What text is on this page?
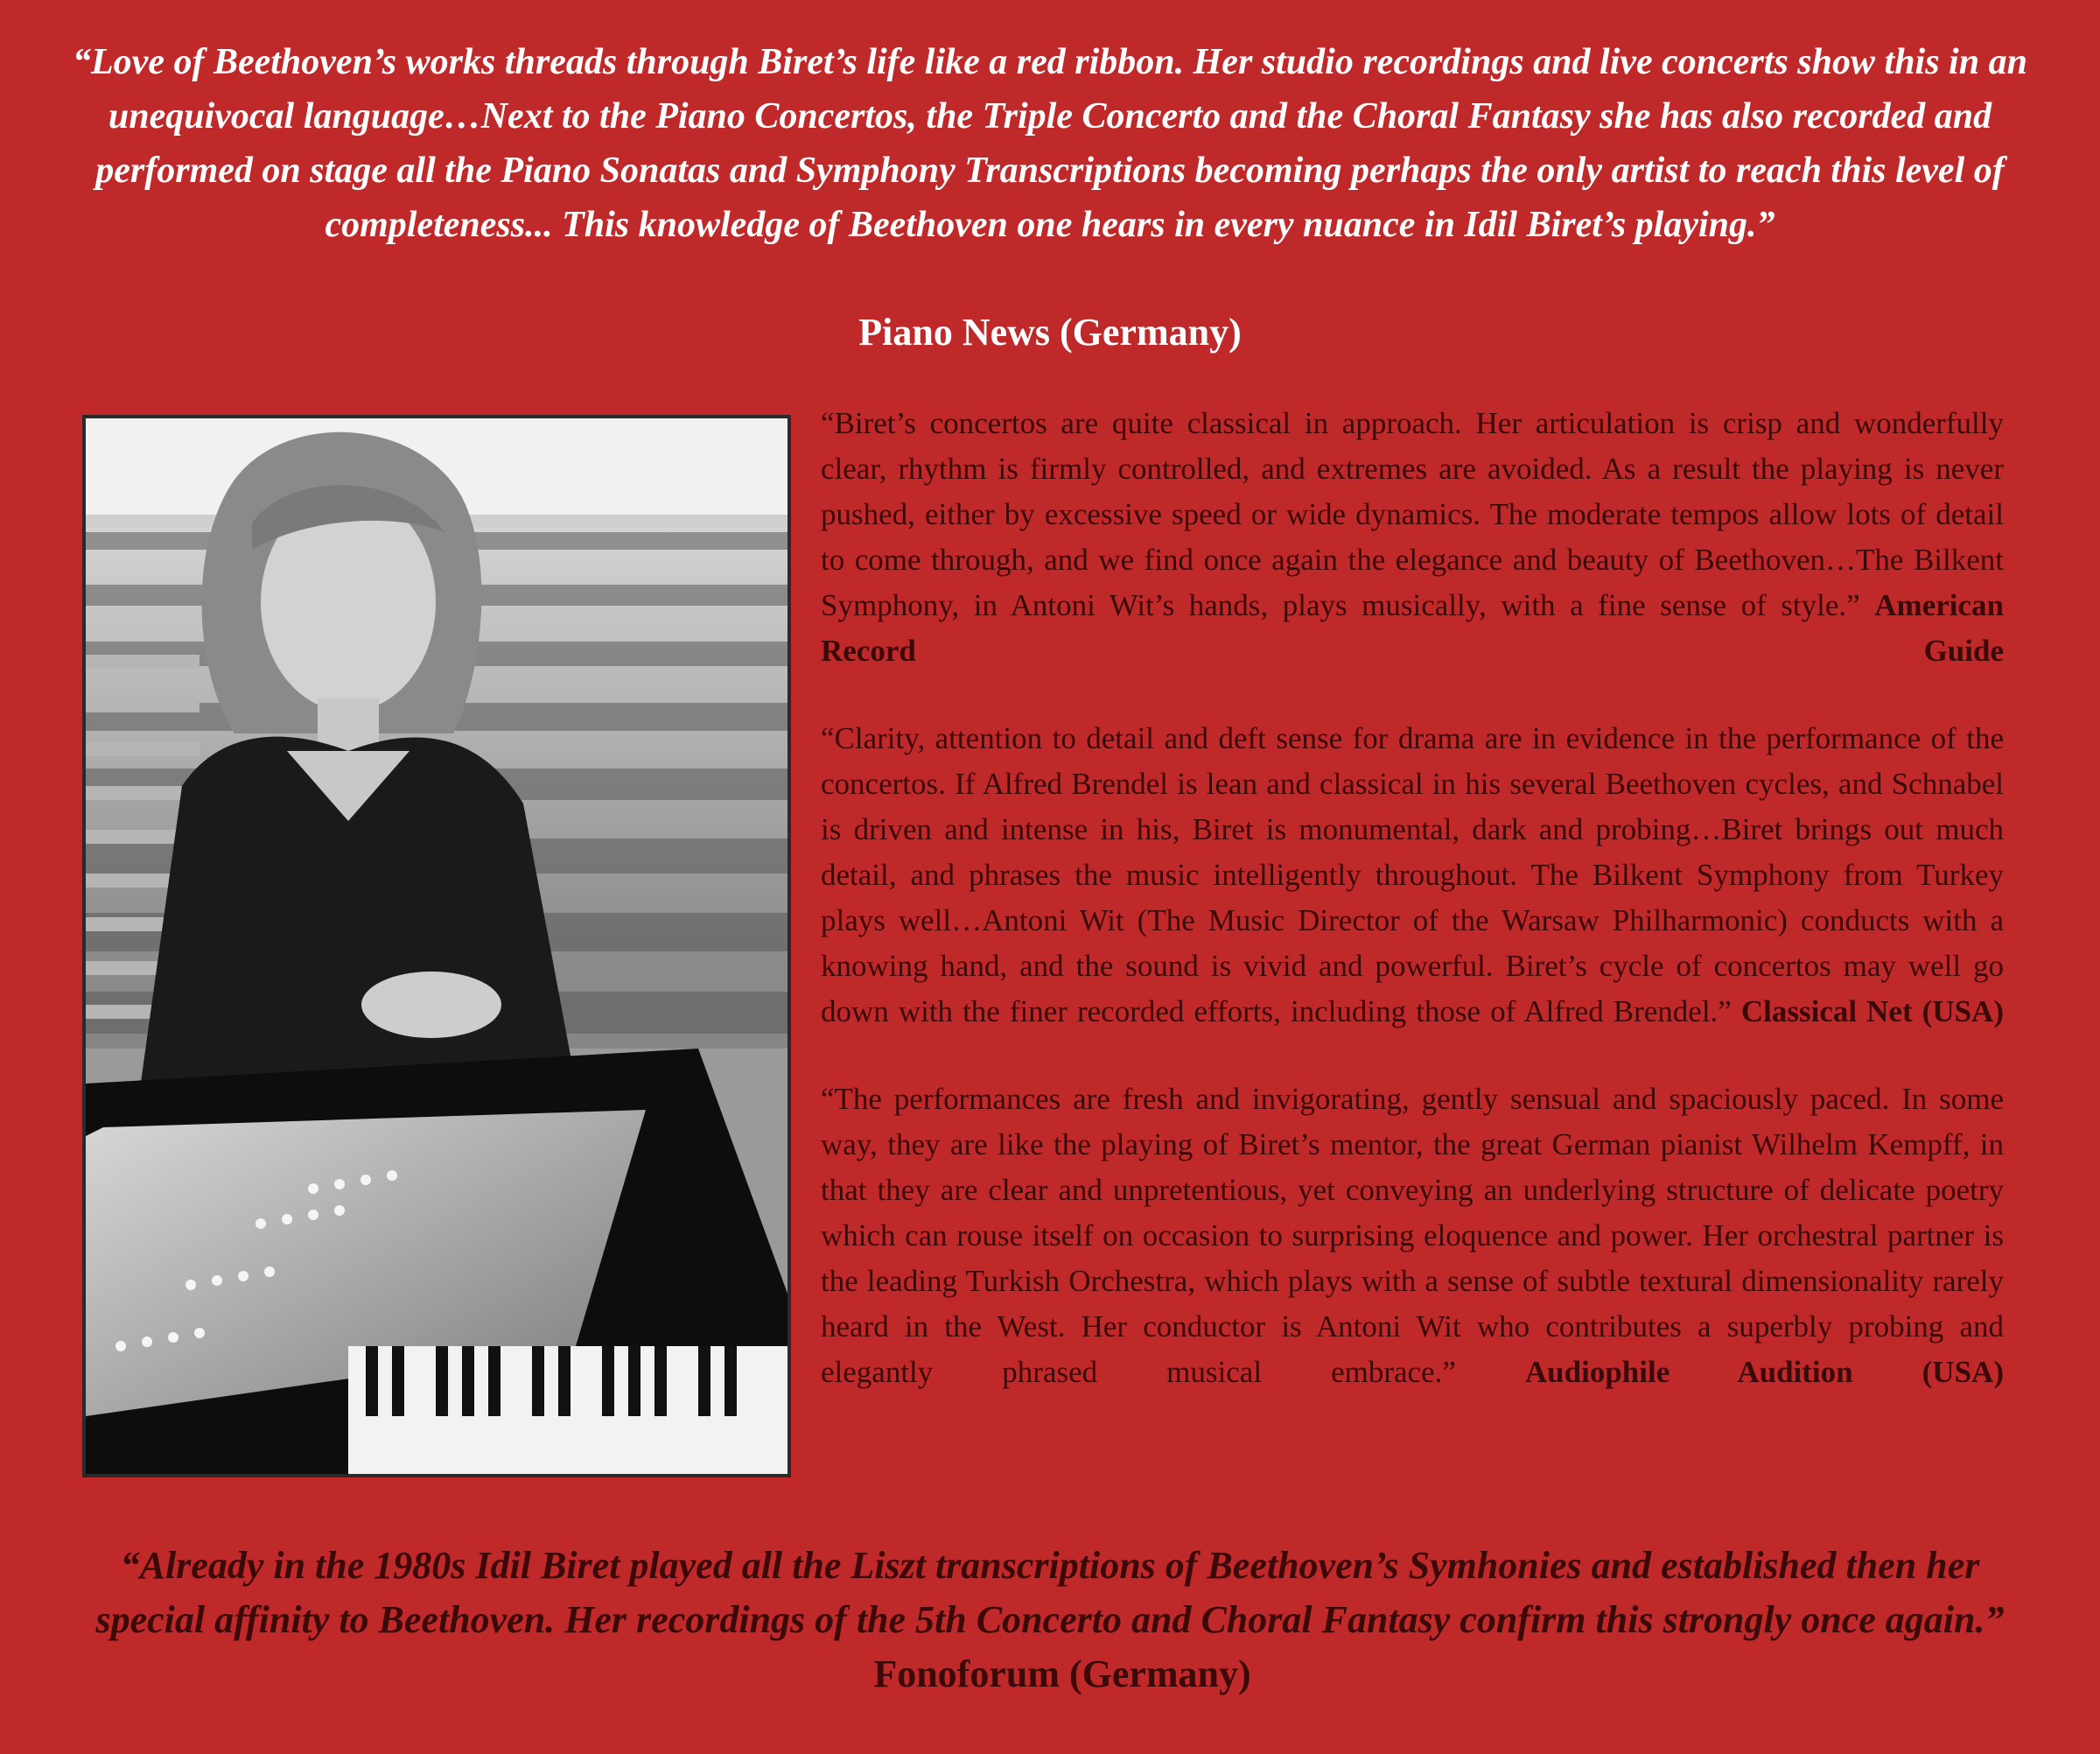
“Love of Beethoven’s works threads through Biret’s life like a red ribbon. Her studio recordings and live concerts show this in an unequivocal language…Next to the Piano Concertos, the Triple Concerto and the Choral Fantasy she has also recorded and performed on stage all the Piano Sonatas and Symphony Transcriptions becoming perhaps the only artist to reach this level of completeness... This knowledge of Beethoven one hears in every nuance in Idil Biret’s playing.”

Piano News (Germany)

“Biret’s concertos are quite classical in approach. Her articulation is crisp and wonderfully clear, rhythm is firmly controlled, and extremes are avoided. As a result the playing is never pushed, either by excessive speed or wide dynamics. The moderate tempos allow lots of detail to come through, and we find once again the elegance and beauty of Beethoven…The Bilkent Symphony, in Antoni Wit’s hands, plays musically, with a fine sense of style.” American Record Guide

“Clarity, attention to detail and deft sense for drama are in evidence in the performance of the concertos. If Alfred Brendel is lean and classical in his several Beethoven cycles, and Schnabel is driven and intense in his, Biret is monumental, dark and probing…Biret brings out much detail, and phrases the music intelligently throughout. The Bilkent Symphony from Turkey plays well…Antoni Wit (The Music Director of the Warsaw Philharmonic) conducts with a knowing hand, and the sound is vivid and powerful. Biret’s cycle of concertos may well go down with the finer recorded efforts, including those of Alfred Brendel.” Classical Net (USA)

“The performances are fresh and invigorating, gently sensual and spaciously paced. In some way, they are like the playing of Biret’s mentor, the great German pianist Wilhelm Kempff, in that they are clear and unpretentious, yet conveying an underlying structure of delicate poetry which can rouse itself on occasion to surprising eloquence and power. Her orchestral partner is the leading Turkish Orchestra, which plays with a sense of subtle textural dimensionality rarely heard in the West. Her conductor is Antoni Wit who contributes a superbly probing and elegantly phrased musical embrace.” Audiophile Audition (USA)

“Already in the 1980s Idil Biret played all the Liszt transcriptions of Beethoven’s Symhonies and established then her special affinity to Beethoven. Her recordings of the 5th Concerto and Choral Fantasy confirm this strongly once again.” Fonoforum (Germany)
